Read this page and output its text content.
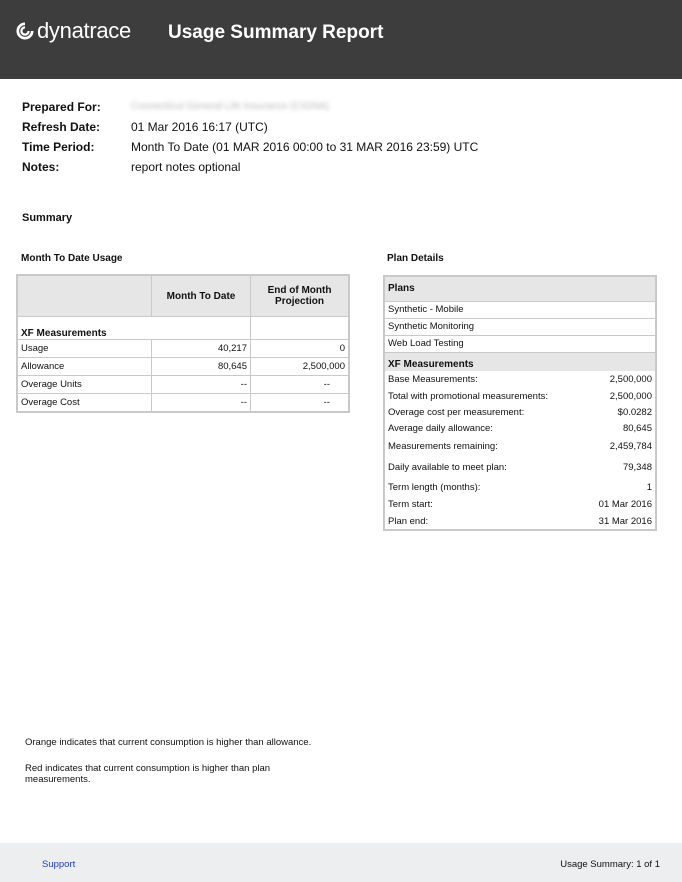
dynatrace Usage Summary Report
Prepared For:	Connecticut General Life Insurance (CIGNA)
Refresh Date:	01 Mar 2016 16:17 (UTC)
Time Period:	Month To Date (01 MAR 2016 00:00 to 31 MAR 2016 23:59) UTC
Notes:	report notes optional
Summary
Month To Date Usage	Plan Details
	Month To Date	End of Month Projection
XF Measurements		
Usage	40,217	0
Allowance	80,645	2,500,000
Overage Units	--	--
Overage Cost	--	--
Plans
Synthetic - Mobile
Synthetic Monitoring
Web Load Testing
XF Measurements
Base Measurements:	2,500,000
Total with promotional measurements:	2,500,000
Overage cost per measurement:	$0.0282
Average daily allowance:	80,645
Measurements remaining:	2,459,784
Daily available to meet plan:	79,348
Term length (months):	1
Term start:	01 Mar 2016
Plan end:	31 Mar 2016
Orange indicates that current consumption is higher than allowance.
Red indicates that current consumption is higher than plan measurements.
Support	Usage Summary: 1 of 1
